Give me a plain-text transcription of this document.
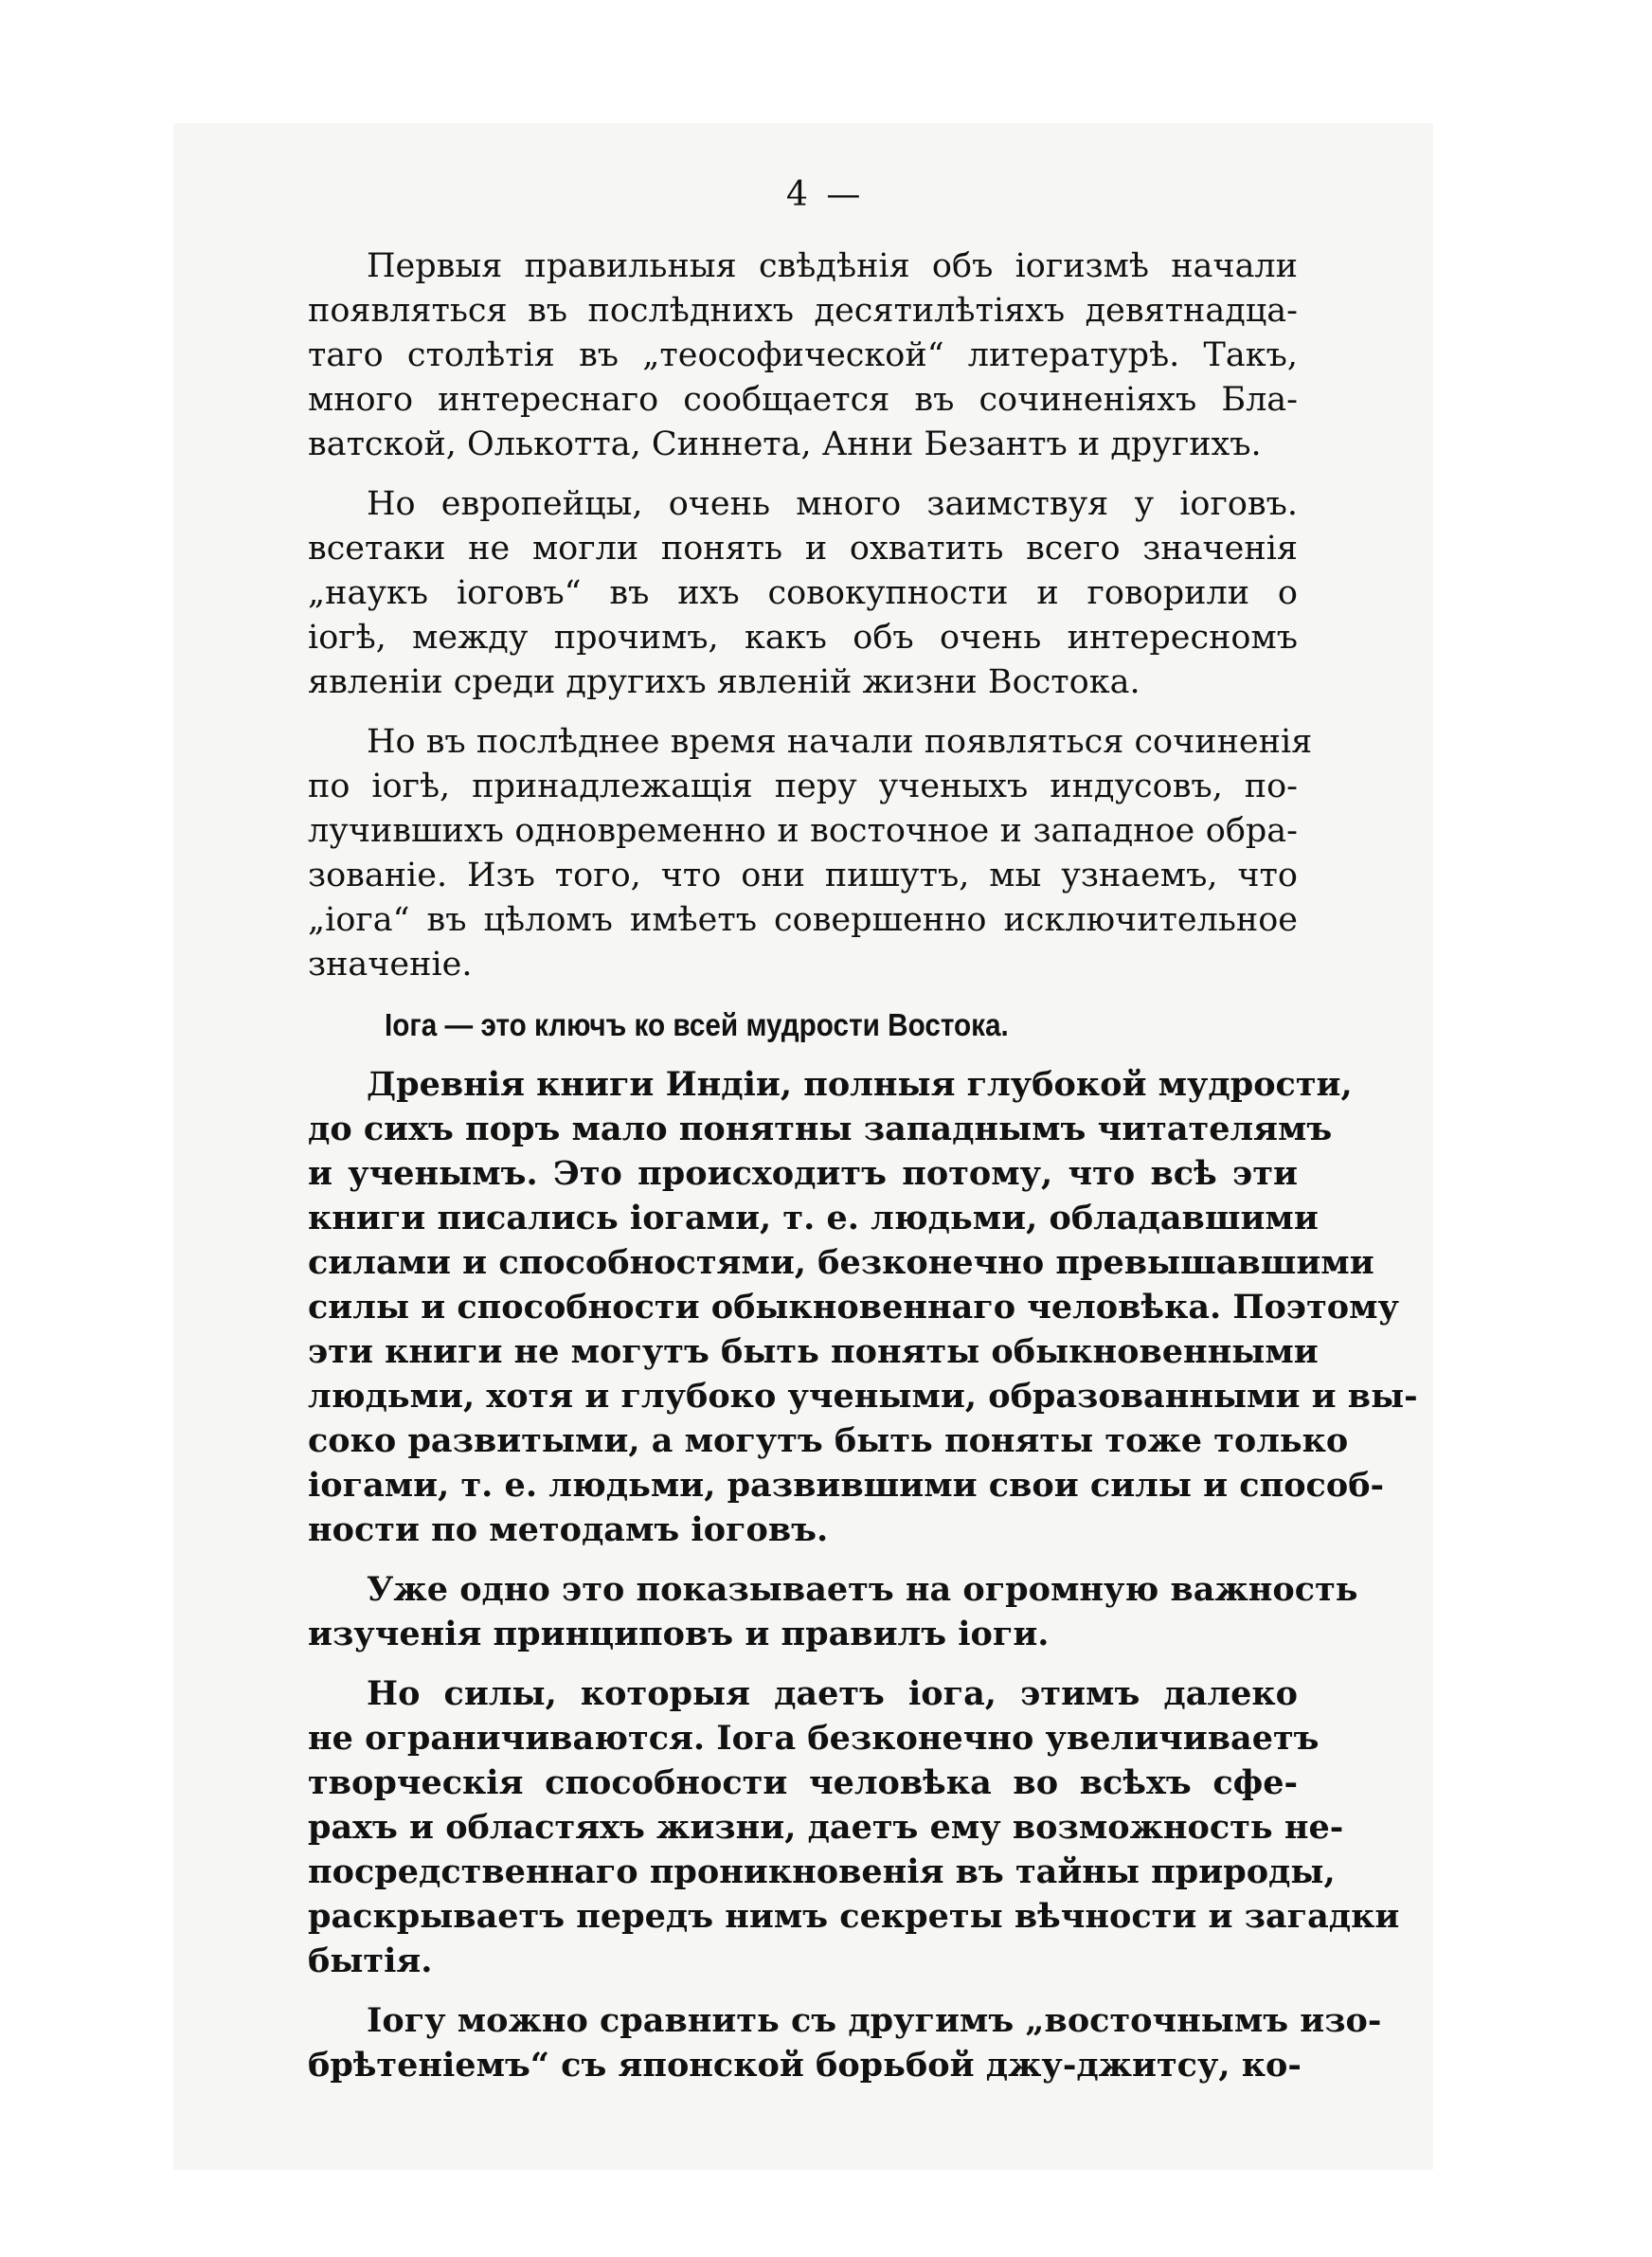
4 —

Первыя правильныя свѣдѣнія объ іогизмѣ начали
появляться въ послѣднихъ десятилѣтіяхъ девятнадца-
таго столѣтія въ „теософической“ литературѣ. Такъ,
много интереснаго сообщается въ сочиненіяхъ Бла-
ватской, Олькотта, Синнета, Анни Безантъ и другихъ.

Но европейцы, очень много заимствуя у іоговъ.
всетаки не могли понять и охватить всего значенія
„наукъ іоговъ“ въ ихъ совокупности и говорили о
іогѣ, между прочимъ, какъ объ очень интересномъ
явленіи среди другихъ явленій жизни Востока.

Но въ послѣднее время начали появляться сочиненія
по іогѣ, принадлежащія перу ученыхъ индусовъ, по-
лучившихъ одновременно и восточное и западное обра-
зованіе. Изъ того, что они пишутъ, мы узнаемъ, что
„іога“ въ цѣломъ имѣетъ совершенно исключительное
значеніе.

Іога — это ключъ ко всей мудрости Востока.

Древнія книги Индіи, полныя глубокой мудрости,
до сихъ поръ мало понятны западнымъ читателямъ
и ученымъ. Это происходитъ потому, что всѣ эти
книги писались іогами, т. е. людьми, обладавшими
силами и способностями, безконечно превышавшими
силы и способности обыкновеннаго человѣка. Поэтому
эти книги не могутъ быть поняты обыкновенными
людьми, хотя и глубоко учеными, образованными и вы-
соко развитыми, а могутъ быть поняты тоже только
іогами, т. е. людьми, развившими свои силы и способ-
ности по методамъ іоговъ.

Уже одно это показываетъ на огромную важность
изученія принциповъ и правилъ іоги.

Но силы, которыя даетъ іога, этимъ далеко
не ограничиваются. Іога безконечно увеличиваетъ
творческія способности человѣка во всѣхъ сфе-
рахъ и областяхъ жизни, даетъ ему возможность не-
посредственнаго проникновенія въ тайны природы,
раскрываетъ передъ нимъ секреты вѣчности и загадки
бытія.

Іогу можно сравнить съ другимъ „восточнымъ изо-
брѣтеніемъ“ съ японской борьбой джу-джитсу, ко-
